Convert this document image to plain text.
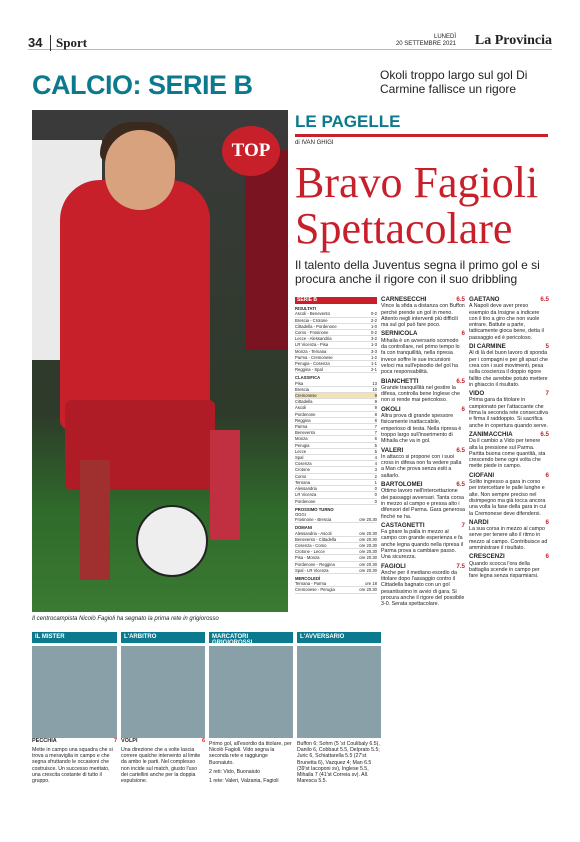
34	Sport	LUNEDÌ
20 SETTEMBRE 2021 La Provincia
CALCIO: SERIE B	Okoli troppo largo sul gol Di Carmine fallisce un rigore
TOP
Il centrocampista Nicolò Fagioli ha segnato la prima rete in grigiorosso
LE PAGELLE
di IVAN GHIGI
Bravo Fagioli Spettacolare
Il talento della Juventus segna il primo gol e si procura anche il rigore con il suo dribbling
SERIE B
RISULTATI
Ascoli - Benevento	0-2
Brescia - Crotone	2-2
Cittadella - Pordenone	1-0
Como - Frosinone	0-2
Lecce - Alessandria	3-2
LR Vicenza - Pisa	1-3
Monza - Ternana	3-3
Parma - Cremonese	1-2
Perugia - Cosenza	1-1
Reggina - Spal	2-1
CLASSIFICA
Pisa	13
Brescia	10
Cremonese	9
Cittadella	9
Ascoli	9
Pordenone	8
Reggina	8
Parma	7
Benevento	7
Monza	6
Perugia	5
Lecce	5
Spal	4
Cosenza	4
Crotone	3
Como	2
Ternana	1
Alessandria	0
LR Vicenza	0
Pordenone	0
PROSSIMO TURNO
OGGI
Frosinone - Brescia	ore 20.30
DOMANI
Alessandria - Ascoli	ore 20.30
Benevento - Cittadella	ore 20.30
Cosenza - Como	ore 20.30
Crotone - Lecce	ore 20.30
Pisa - Monza	ore 20.30
Pordenone - Reggina	ore 20.30
Spal - LR Vicenza	ore 20.30
MERCOLEDÌ
Ternana - Parma	ore 18
Cremonese - Perugia	ore 20.30
CARNESECCHI	6.5
Vince la sfida a distanza con Buffon perché prende un gol in meno. Attento negli interventi più difficili ma sul gol può fare poco.
SERNICOLA	6
Mihaila è un avversario scomodo da controllare, nel primo tempo lo fa con tranquillità, nella ripresa invece soffre le sue incursioni veloci ma sull'episodio del gol ha poca responsabilità.
BIANCHETTI	6.5
Grande tranquillità nel gestire la difesa, controlla bene Inglese che non si rende mai pericoloso.
OKOLI	6
Altra prova di grande spessore fisicamente inattaccabile, emperioso di testa. Nella ripresa è troppo largo sull'inserimento di Mihaila che va in gol.
VALERI	6.5
In attacco si propone con i suoi cross in difesa non fa vedere palla a Man che prova senza esiti a saltarlo.
BARTOLOMEI	6.5
Ottimo lavoro nell'intercettazione dei passaggi avversari. Tanta corsa in mezzo al campo e pressa alto i difensori del Parma. Gara generosa finché ne ha.
CASTAGNETTI	7
Fa girare la palla in mezzo al campo con grande esperienza e fa anche legna quando nella ripresa il Parma prova a cambiare passo. Una sicurezza.
FAGIOLI	7.5
Anche per il mediano esordio da titolare dopo l'assaggio contro il Cittadella bagnato con un gol pesantissimo in avvio di gara. Si procura anche il rigore del possibile 3-0. Serata spettacolare.
GAETANO	6.5
A Napoli deve aver preso esempio da Insigne a indicere con il tiro a giro che non vuole entrare. Battute a parte, tatticamente gioca bene, detta il passaggio ed è pericoloso.
DI CARMINE	5
Al di là del buon lavoro di sponda per i compagni e per gli spazi che crea con i suoi movimenti, pesa sulla coscienza il doppio rigore fallito che avrebbe potuto mettere in ghiaccio il risultato.
VIDO	7
Prima gara da titolare in campionato per l'attaccante che firma la seconda rete consecutiva e firma il raddoppio. Si sacrifica anche in copertura quando serve.
ZANIMACCHIA	6.5
Da il cambio a Vido per tenere alta la pressione sul Parma. Partita buona come quantità, sta crescendo bene ogni volta che mette piede in campo.
CIOFANI	6
Solito ingresso a gara in corso per intercettare le palle lunghe e alte. Non sempre preciso nel disimpegno ma già tocca ancora una volta la fase della gara in cui la Cremonese deve difendersi.
NARDI	6
La sua corsa in mezzo al campo serve per tenere alto il ritmo in mezzo al campo. Contribuisce ad amministrare il risultato.
CRESCENZI	6
Quando scocca l'ora della battaglia scende in campo per fare legna senza risparmiarsi.
IL MISTER
PECCHIA	7
Mette in campo una squadra che si trova a meraviglia in campo e che segna sfruttando le occasioni che costruisce. Un successo meritato, una crescita costante di tutto il gruppo.
L'ARBITRO
VOLPI	6
Una direzione che a volte lascia correre qualche intervento al limite da ambo le parti. Nel complesso non incide sul match, giusto l'uso dei cartellini anche per la doppia espulsione.
MARCATORI GRIGIOROSSI
Primo gol, all'esordio da titolare, per Nicolò Fagioli. Vido segna la seconda rete e raggiunge Buonaiuto.
2 reti: Vido, Buonaiuto
1 rete: Valeri, Valzania, Fagioli
L'AVVERSARIO
Buffon 6; Sohm (5 'st Coulibaly 6.5), Danilo 6, Cobbaut 5.5, Delprato 5.5; Juric 6, Schiattarella 5.5 (27'st Brunetta 6), Vazquez 4; Man 6.5 (39'st Iacoponi sv), Inglese 5.5, Mihaila 7 (41'st Correia sv). All. Maresca 5.5.
